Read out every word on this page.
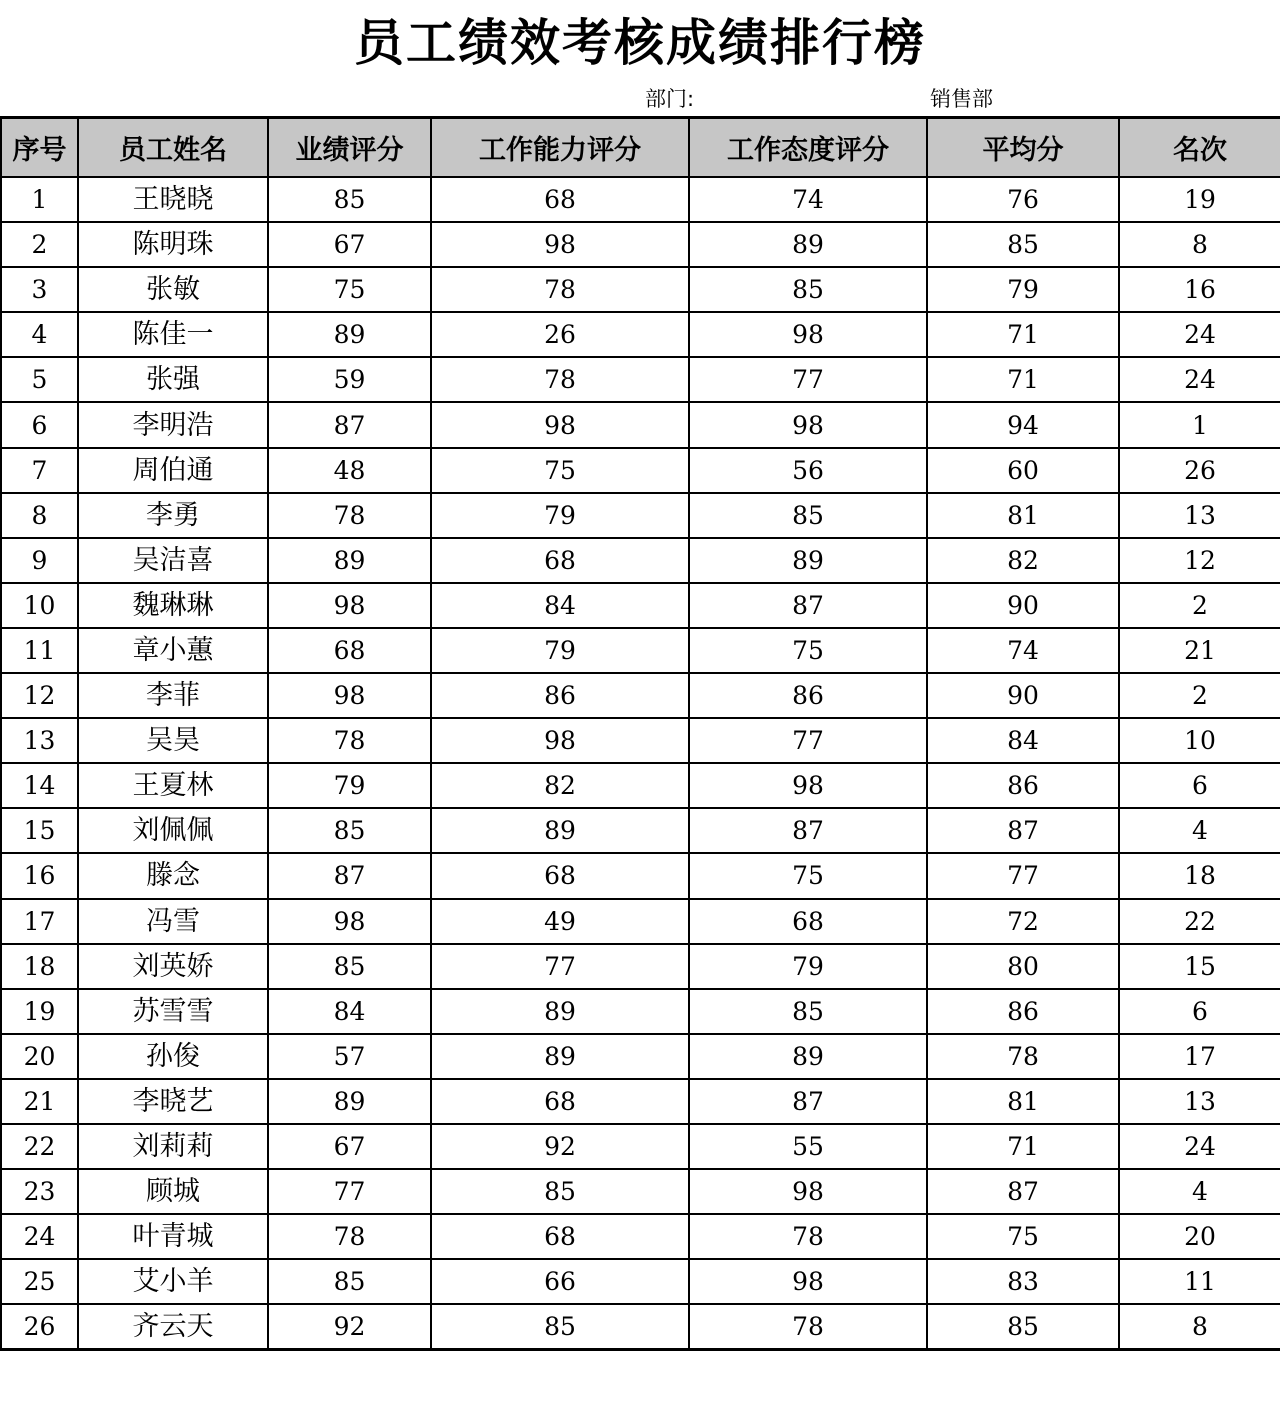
员工绩效考核成绩排行榜
部门:	销售部
序号	员工姓名	业绩评分	工作能力评分	工作态度评分	平均分	名次
1	王晓晓	85	68	74	76	19
2	陈明珠	67	98	89	85	8
3	张敏	75	78	85	79	16
4	陈佳一	89	26	98	71	24
5	张强	59	78	77	71	24
6	李明浩	87	98	98	94	1
7	周伯通	48	75	56	60	26
8	李勇	78	79	85	81	13
9	吴洁喜	89	68	89	82	12
10	魏琳琳	98	84	87	90	2
11	章小蕙	68	79	75	74	21
12	李菲	98	86	86	90	2
13	吴昊	78	98	77	84	10
14	王夏林	79	82	98	86	6
15	刘佩佩	85	89	87	87	4
16	滕念	87	68	75	77	18
17	冯雪	98	49	68	72	22
18	刘英娇	85	77	79	80	15
19	苏雪雪	84	89	85	86	6
20	孙俊	57	89	89	78	17
21	李晓艺	89	68	87	81	13
22	刘莉莉	67	92	55	71	24
23	顾城	77	85	98	87	4
24	叶青城	78	68	78	75	20
25	艾小羊	85	66	98	83	11
26	齐云天	92	85	78	85	8
